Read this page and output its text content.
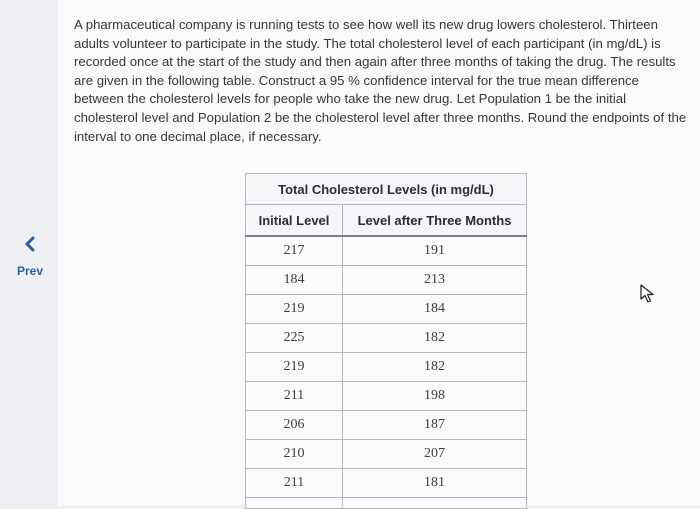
Prev

A pharmaceutical company is running tests to see how well its new drug lowers cholesterol. Thirteen adults volunteer to participate in the study. The total cholesterol level of each participant (in mg/dL) is recorded once at the start of the study and then again after three months of taking the drug. The results are given in the following table. Construct a 95 % confidence interval for the true mean difference between the cholesterol levels for people who take the new drug. Let Population 1 be the initial cholesterol level and Population 2 be the cholesterol level after three months. Round the endpoints of the interval to one decimal place, if necessary.

Total Cholesterol Levels (in mg/dL)	
Initial Level	Level after Three Months
217	191
184	213
219	184
225	182
219	182
211	198
206	187
210	207
211	181
